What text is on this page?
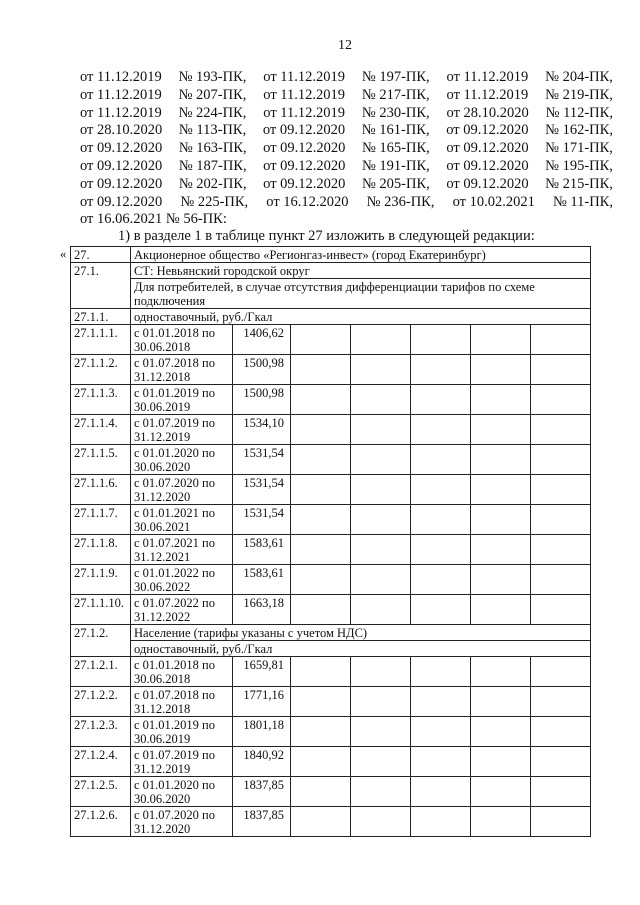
12
от 11.12.2019 № 193-ПК, от 11.12.2019 № 197-ПК, от 11.12.2019 № 204-ПК,
от 11.12.2019 № 207-ПК, от 11.12.2019 № 217-ПК, от 11.12.2019 № 219-ПК,
от 11.12.2019 № 224-ПК, от 11.12.2019 № 230-ПК, от 28.10.2020 № 112-ПК,
от 28.10.2020 № 113-ПК, от 09.12.2020 № 161-ПК, от 09.12.2020 № 162-ПК,
от 09.12.2020 № 163-ПК, от 09.12.2020 № 165-ПК, от 09.12.2020 № 171-ПК,
от 09.12.2020 № 187-ПК, от 09.12.2020 № 191-ПК, от 09.12.2020 № 195-ПК,
от 09.12.2020 № 202-ПК, от 09.12.2020 № 205-ПК, от 09.12.2020 № 215-ПК,
от 09.12.2020 № 225-ПК, от 16.12.2020 № 236-ПК, от 10.02.2021 № 11-ПК,
от 16.06.2021 № 56-ПК:
1) в разделе 1 в таблице пункт 27 изложить в следующей редакции:
« 27.	Акционерное общество «Регионгаз-инвест» (город Екатеринбург)						
27.1.	СТ: Невьянский городской округ						
	Для потребителей, в случае отсутствия дифференциации тарифов по схеме подключения						
27.1.1.	одноставочный, руб./Гкал						
27.1.1.1.	с 01.01.2018 по 30.06.2018	1406,62					
27.1.1.2.	с 01.07.2018 по 31.12.2018	1500,98					
27.1.1.3.	с 01.01.2019 по 30.06.2019	1500,98					
27.1.1.4.	с 01.07.2019 по 31.12.2019	1534,10					
27.1.1.5.	с 01.01.2020 по 30.06.2020	1531,54					
27.1.1.6.	с 01.07.2020 по 31.12.2020	1531,54					
27.1.1.7.	с 01.01.2021 по 30.06.2021	1531,54					
27.1.1.8.	с 01.07.2021 по 31.12.2021	1583,61					
27.1.1.9.	с 01.01.2022 по 30.06.2022	1583,61					
27.1.1.10.	с 01.07.2022 по 31.12.2022	1663,18					
27.1.2.	Население (тарифы указаны с учетом НДС)						
	одноставочный, руб./Гкал						
27.1.2.1.	с 01.01.2018 по 30.06.2018	1659,81					
27.1.2.2.	с 01.07.2018 по 31.12.2018	1771,16					
27.1.2.3.	с 01.01.2019 по 30.06.2019	1801,18					
27.1.2.4.	с 01.07.2019 по 31.12.2019	1840,92					
27.1.2.5.	с 01.01.2020 по 30.06.2020	1837,85					
27.1.2.6.	с 01.07.2020 по 31.12.2020	1837,85					
